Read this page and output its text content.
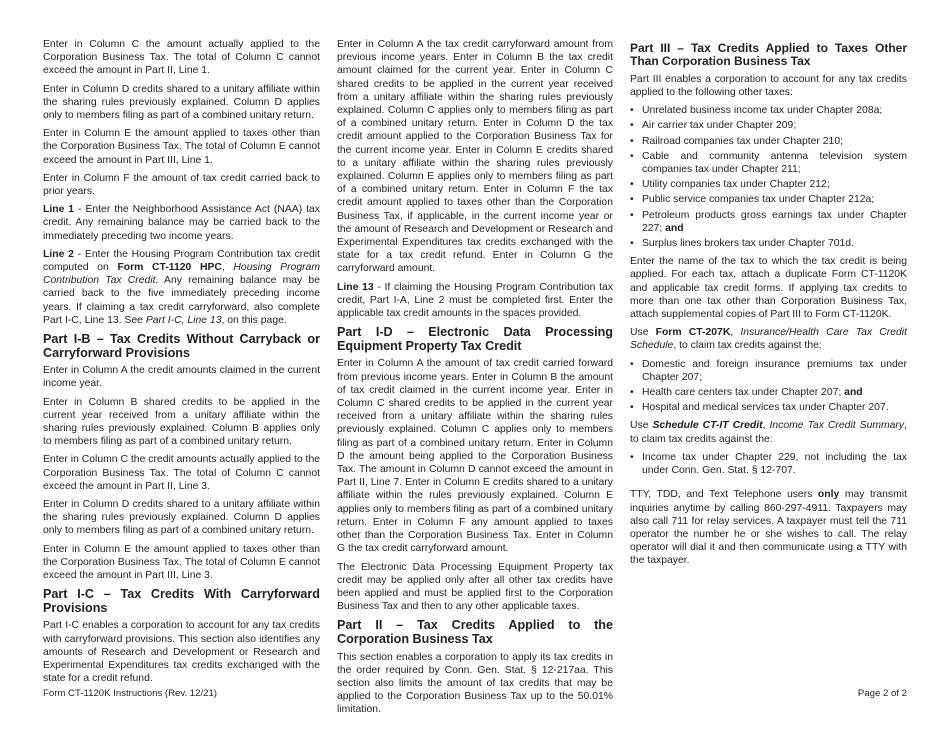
Enter in Column C the amount actually applied to the Corporation Business Tax. The total of Column C cannot exceed the amount in Part II, Line 1.

Enter in Column D credits shared to a unitary affiliate within the sharing rules previously explained. Column D applies only to members filing as part of a combined unitary return.

Enter in Column E the amount applied to taxes other than the Corporation Business Tax. The total of Column E cannot exceed the amount in Part III, Line 1.

Enter in Column F the amount of tax credit carried back to prior years.

Line 1 - Enter the Neighborhood Assistance Act (NAA) tax credit. Any remaining balance may be carried back to the immediately preceding two income years.

Line 2 - Enter the Housing Program Contribution tax credit computed on Form CT-1120 HPC, Housing Program Contribution Tax Credit. Any remaining balance may be carried back to the five immediately preceding income years. If claiming a tax credit carryforward, also complete Part I-C, Line 13. See Part I-C, Line 13, on this page.

Part I-B – Tax Credits Without Carryback or Carryforward Provisions

Enter in Column A the credit amounts claimed in the current income year.

Enter in Column B shared credits to be applied in the current year received from a unitary affiliate within the sharing rules previously explained. Column B applies only to members filing as part of a combined unitary return.

Enter in Column C the credit amounts actually applied to the Corporation Business Tax. The total of Column C cannot exceed the amount in Part II, Line 3.

Enter in Column D credits shared to a unitary affiliate within the sharing rules previously explained. Column D applies only to members filing as part of a combined unitary return.

Enter in Column E the amount applied to taxes other than the Corporation Business Tax. The total of Column E cannot exceed the amount in Part III, Line 3.

Part I-C – Tax Credits With Carryforward Provisions

Part I-C enables a corporation to account for any tax credits with carryforward provisions. This section also identifies any amounts of Research and Development or Research and Experimental Expenditures tax credits exchanged with the state for a credit refund.

Enter in Column A the tax credit carryforward amount from previous income years. Enter in Column B the tax credit amount claimed for the current year. Enter in Column C shared credits to be applied in the current year received from a unitary affiliate within the sharing rules previously explained. Column C applies only to members filing as part of a combined unitary return. Enter in Column D the tax credit amount applied to the Corporation Business Tax for the current income year. Enter in Column E credits shared to a unitary affiliate within the sharing rules previously explained. Column E applies only to members filing as part of a combined unitary return. Enter in Column F the tax credit amount applied to taxes other than the Corporation Business Tax, if applicable, in the current income year or the amount of Research and Development or Research and Experimental Expenditures tax credits exchanged with the state for a tax credit refund. Enter in Column G the carryforward amount.

Line 13 - If claiming the Housing Program Contribution tax credit, Part I-A, Line 2 must be completed first. Enter the applicable tax credit amounts in the spaces provided.

Part I-D – Electronic Data Processing Equipment Property Tax Credit

Enter in Column A the amount of tax credit carried forward from previous income years. Enter in Column B the amount of tax credit claimed in the current income year. Enter in Column C shared credits to be applied in the current year received from a unitary affiliate within the sharing rules previously explained. Column C applies only to members filing as part of a combined unitary return. Enter in Column D the amount being applied to the Corporation Business Tax. The amount in Column D cannot exceed the amount in Part II, Line 7. Enter in Column E credits shared to a unitary affiliate within the rules previously explained. Column E applies only to members filing as part of a combined unitary return. Enter in Column F any amount applied to taxes other than the Corporation Business Tax. Enter in Column G the tax credit carryforward amount.

The Electronic Data Processing Equipment Property tax credit may be applied only after all other tax credits have been applied and must be applied first to the Corporation Business Tax and then to any other applicable taxes.

Part II – Tax Credits Applied to the Corporation Business Tax

This section enables a corporation to apply its tax credits in the order required by Conn. Gen. Stat. § 12-217aa. This section also limits the amount of tax credits that may be applied to the Corporation Business Tax up to the 50.01% limitation.

Part III – Tax Credits Applied to Taxes Other Than Corporation Business Tax

Part III enables a corporation to account for any tax credits applied to the following other taxes:

• Unrelated business income tax under Chapter 208a;
• Air carrier tax under Chapter 209;
• Railroad companies tax under Chapter 210;
• Cable and community antenna television system companies tax under Chapter 211;
• Utility companies tax under Chapter 212;
• Public service companies tax under Chapter 212a;
• Petroleum products gross earnings tax under Chapter 227; and
• Surplus lines brokers tax under Chapter 701d.

Enter the name of the tax to which the tax credit is being applied. For each tax, attach a duplicate Form CT-1120K and applicable tax credit forms. If applying tax credits to more than one tax other than Corporation Business Tax, attach supplemental copies of Part III to Form CT-1120K.

Use Form CT-207K, Insurance/Health Care Tax Credit Schedule, to claim tax credits against the:

• Domestic and foreign insurance premiums tax under Chapter 207;
• Health care centers tax under Chapter 207; and
• Hospital and medical services tax under Chapter 207.

Use Schedule CT-IT Credit, Income Tax Credit Summary, to claim tax credits against the:

• Income tax under Chapter 229, not including the tax under Conn. Gen. Stat. § 12-707.

TTY, TDD, and Text Telephone users only may transmit inquiries anytime by calling 860-297-4911. Taxpayers may also call 711 for relay services. A taxpayer must tell the 711 operator the number he or she wishes to call. The relay operator will dial it and then communicate using a TTY with the taxpayer.

Form CT-1120K Instructions (Rev. 12/21)	Page 2 of 2
